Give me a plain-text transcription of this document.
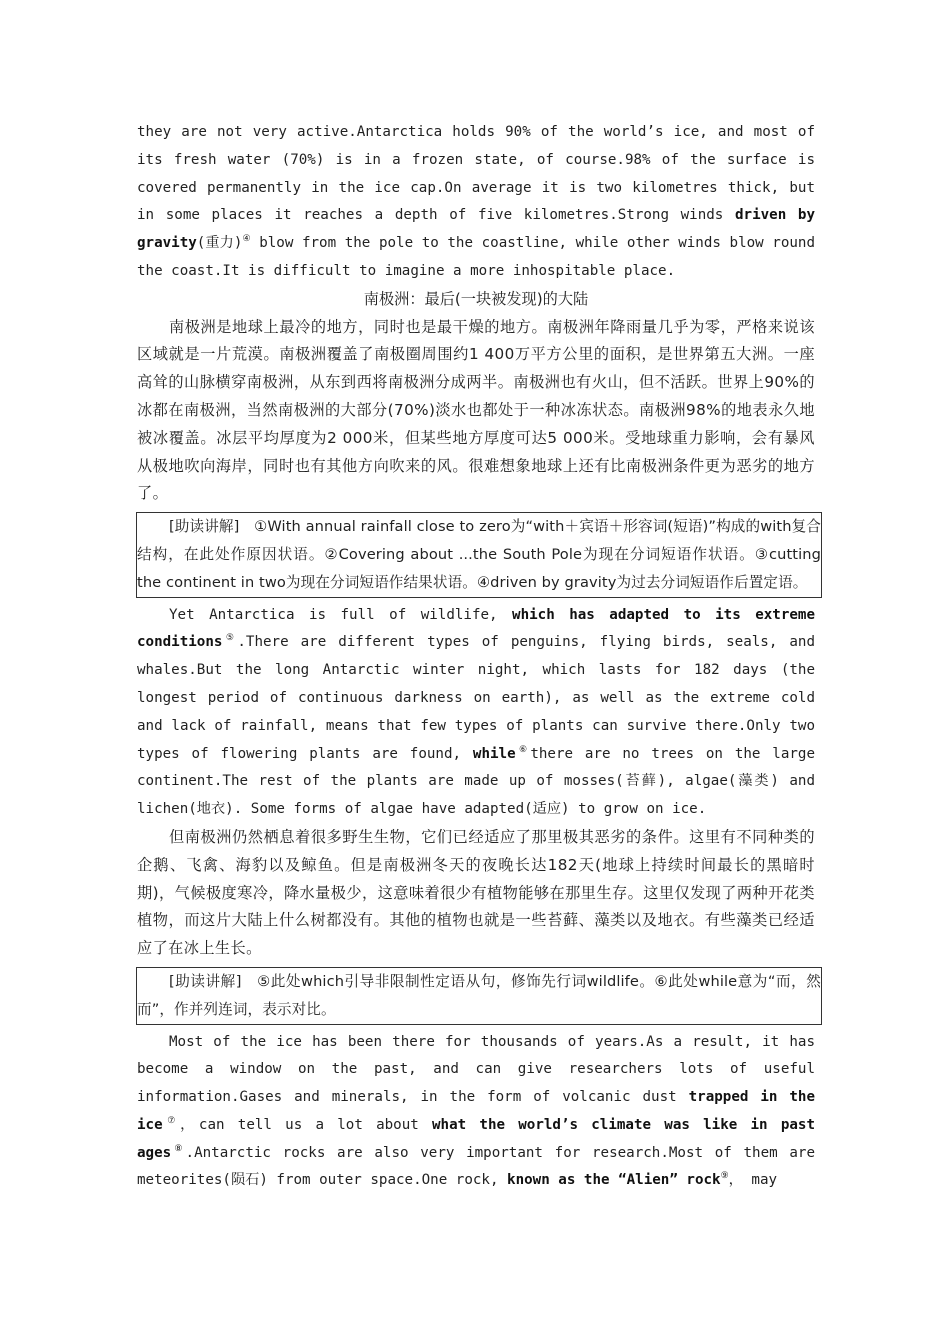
they are not very active.Antarctica holds 90% of the world’s ice, and most of its fresh water (70%) is in a frozen state, of course.98% of the surface is covered permanently in the ice cap.On average it is two kilometres thick, but in some places it reaches a depth of five kilometres.Strong winds driven by gravity(重力)④ blow from the pole to the coastline, while other winds blow round the coast.It is difficult to imagine a more inhospitable place.

南极洲：最后(一块被发现)的大陆

南极洲是地球上最冷的地方，同时也是最干燥的地方。南极洲年降雨量几乎为零，严格来说该区域就是一片荒漠。南极洲覆盖了南极圈周围约1 400万平方公里的面积，是世界第五大洲。一座高耸的山脉横穿南极洲，从东到西将南极洲分成两半。南极洲也有火山，但不活跃。世界上90%的冰都在南极洲，当然南极洲的大部分(70%)淡水也都处于一种冰冻状态。南极洲98%的地表永久地被冰覆盖。冰层平均厚度为2 000米，但某些地方厚度可达5 000米。受地球重力影响，会有暴风从极地吹向海岸，同时也有其他方向吹来的风。很难想象地球上还有比南极洲条件更为恶劣的地方了。

[助读讲解]　①With annual rainfall close to zero为“with＋宾语＋形容词(短语)”构成的with复合结构，在此处作原因状语。②Covering about ...the South Pole为现在分词短语作状语。③cutting the continent in two为现在分词短语作结果状语。④driven by gravity为过去分词短语作后置定语。

Yet Antarctica is full of wildlife, which has adapted to its extreme conditions⑤.There are different types of penguins, flying birds, seals, and whales.But the long Antarctic winter night, which lasts for 182 days (the longest period of continuous darkness on earth), as well as the extreme cold and lack of rainfall, means that few types of plants can survive there.Only two types of flowering plants are found, while⑥there are no trees on the large continent.The rest of the plants are made up of mosses(苔藓), algae(藻类) and lichen(地衣). Some forms of algae have adapted(适应) to grow on ice.

但南极洲仍然栖息着很多野生生物，它们已经适应了那里极其恶劣的条件。这里有不同种类的企鹅、飞禽、海豹以及鲸鱼。但是南极洲冬天的夜晚长达182天(地球上持续时间最长的黑暗时期)，气候极度寒冷，降水量极少，这意味着很少有植物能够在那里生存。这里仅发现了两种开花类植物，而这片大陆上什么树都没有。其他的植物也就是一些苔藓、藻类以及地衣。有些藻类已经适应了在冰上生长。

[助读讲解]　⑤此处which引导非限制性定语从句，修饰先行词wildlife。⑥此处while意为“而，然而”，作并列连词，表示对比。

Most of the ice has been there for thousands of years.As a result, it has become a window on the past, and can give researchers lots of useful information.Gases and minerals, in the form of volcanic dust trapped in the ice⑦，can tell us a lot about what the world’s climate was like in past ages⑧.Antarctic rocks are also very important for research.Most of them are meteorites(陨石) from outer space.One rock, known as the “Alien” rock⑨， may
